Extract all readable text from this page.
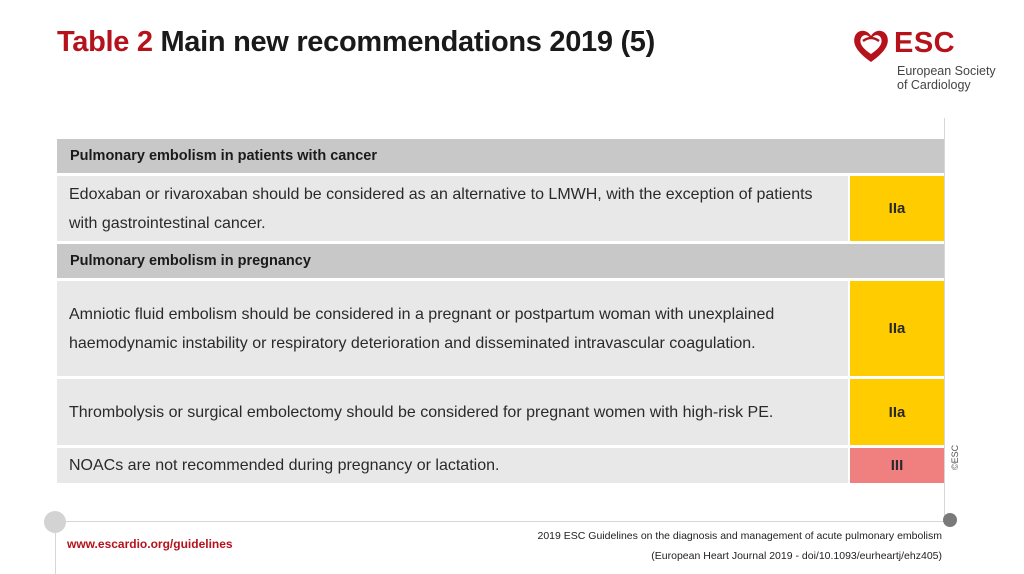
Table 2 Main new recommendations 2019 (5)	ESC
European Society
of Cardiology
©ESC
Pulmonary embolism in patients with cancer
Edoxaban or rivaroxaban should be considered as an alternative to LMWH, with the exception of patients with gastrointestinal cancer.
IIa
Pulmonary embolism in pregnancy
Amniotic fluid embolism should be considered in a pregnant or postpartum woman with unexplained haemodynamic instability or respiratory deterioration and disseminated intravascular coagulation.
IIa
Thrombolysis or surgical embolectomy should be considered for pregnant women with high-risk PE.	IIa
NOACs are not recommended during pregnancy or lactation.	III
www.escardio.org/guidelines
2019 ESC Guidelines on the diagnosis and management of acute pulmonary embolism
(European Heart Journal 2019 - doi/10.1093/eurheartj/ehz405)
